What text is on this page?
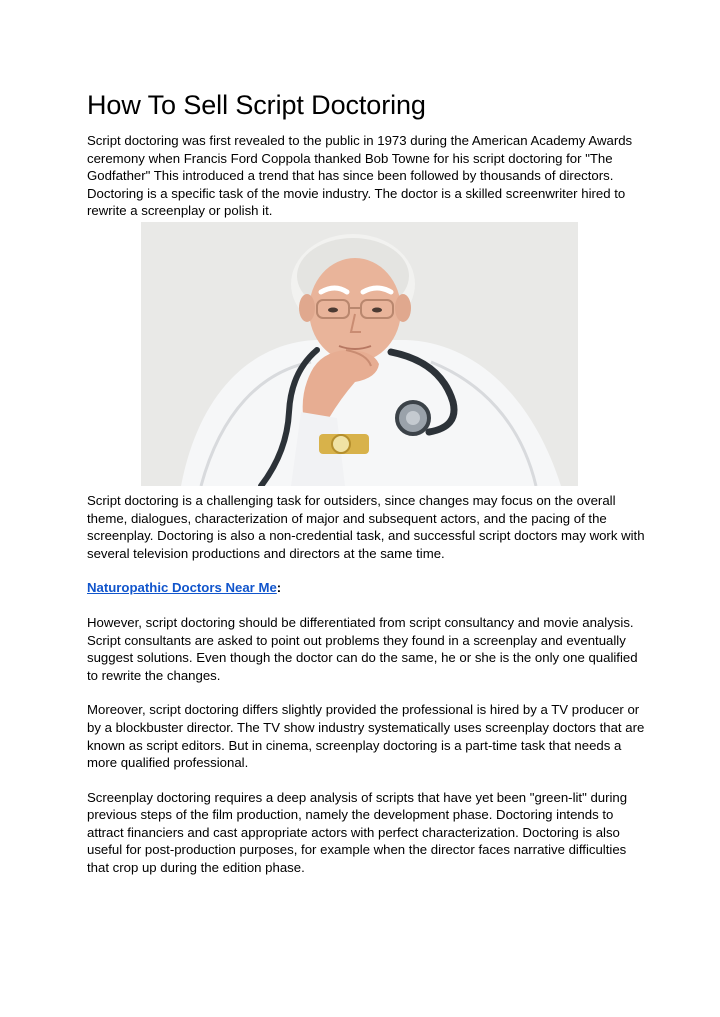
How To Sell Script Doctoring

Script doctoring was first revealed to the public in 1973 during the American Academy Awards ceremony when Francis Ford Coppola thanked Bob Towne for his script doctoring for "The Godfather" This introduced a trend that has since been followed by thousands of directors. Doctoring is a specific task of the movie industry. The doctor is a skilled screenwriter hired to rewrite a screenplay or polish it.

Script doctoring is a challenging task for outsiders, since changes may focus on the overall theme, dialogues, characterization of major and subsequent actors, and the pacing of the screenplay. Doctoring is also a non-credential task, and successful script doctors may work with several television productions and directors at the same time.

Naturopathic Doctors Near Me:

However, script doctoring should be differentiated from script consultancy and movie analysis. Script consultants are asked to point out problems they found in a screenplay and eventually suggest solutions. Even though the doctor can do the same, he or she is the only one qualified to rewrite the changes.

Moreover, script doctoring differs slightly provided the professional is hired by a TV producer or by a blockbuster director. The TV show industry systematically uses screenplay doctors that are known as script editors. But in cinema, screenplay doctoring is a part-time task that needs a more qualified professional.

Screenplay doctoring requires a deep analysis of scripts that have yet been "green-lit" during previous steps of the film production, namely the development phase. Doctoring intends to attract financiers and cast appropriate actors with perfect characterization. Doctoring is also useful for post-production purposes, for example when the director faces narrative difficulties that crop up during the edition phase.
